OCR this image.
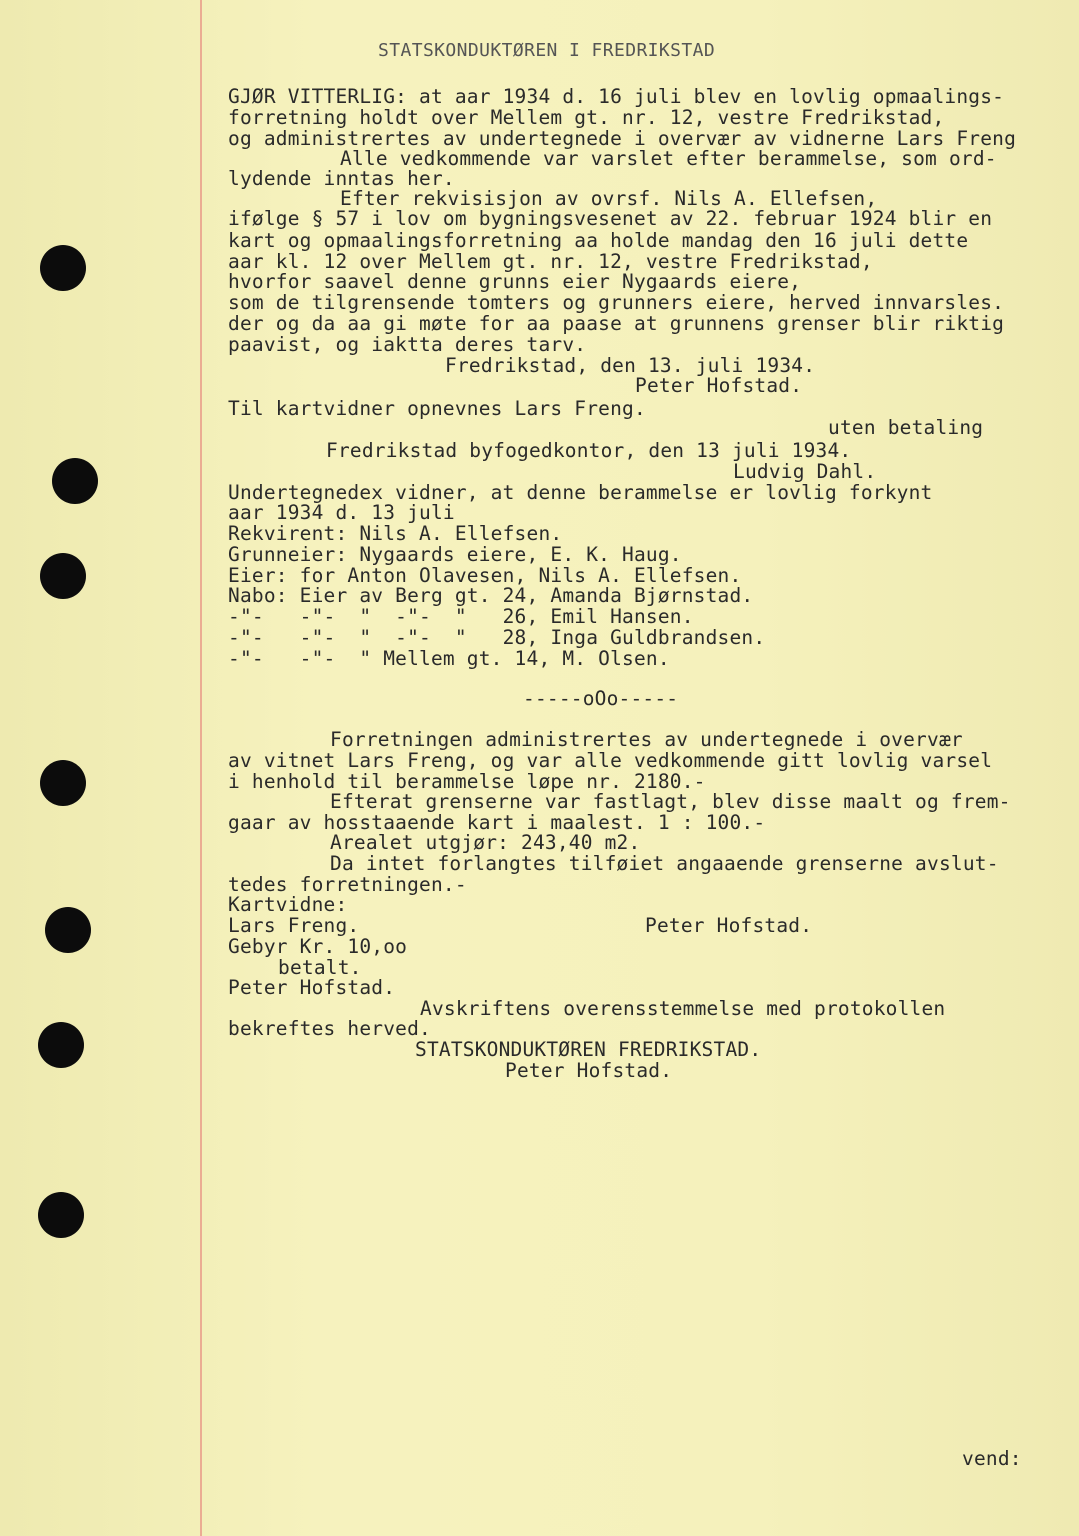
STATSKONDUKTØREN I FREDRIKSTAD
GJØR VITTERLIG: at aar 1934 d. 16 juli blev en lovlig opmaalings-
forretning holdt over Mellem gt. nr. 12, vestre Fredrikstad,
og administrertes av undertegnede i overvær av vidnerne Lars Freng
Alle vedkommende var varslet efter berammelse, som ord-
lydende inntas her.
Efter rekvisisjon av ovrsf. Nils A. Ellefsen,
ifølge § 57 i lov om bygningsvesenet av 22. februar 1924 blir en
kart og opmaalingsforretning aa holde mandag den 16 juli dette
aar kl. 12 over Mellem gt. nr. 12, vestre Fredrikstad,
hvorfor saavel denne grunns eier Nygaards eiere,
som de tilgrensende tomters og grunners eiere, herved innvarsles.
der og da aa gi møte for aa paase at grunnens grenser blir riktig
paavist, og iaktta deres tarv.
Fredrikstad, den 13. juli 1934.
Peter Hofstad.
Til kartvidner opnevnes Lars Freng.
uten betaling
Fredrikstad byfogedkontor, den 13 juli 1934.
Ludvig Dahl.
Undertegnedex vidner, at denne berammelse er lovlig forkynt
aar 1934 d. 13 juli
Rekvirent: Nils A. Ellefsen.
Grunneier: Nygaards eiere, E. K. Haug.
Eier: for Anton Olavesen, Nils A. Ellefsen.
Nabo: Eier av Berg gt. 24, Amanda Bjørnstad.
-"-   -"-  "  -"-  "   26, Emil Hansen.
-"-   -"-  "  -"-  "   28, Inga Guldbrandsen.
-"-   -"-  " Mellem gt. 14, M. Olsen.
-----oOo-----
Forretningen administrertes av undertegnede i overvær
av vitnet Lars Freng, og var alle vedkommende gitt lovlig varsel
i henhold til berammelse løpe nr. 2180.-
Efterat grenserne var fastlagt, blev disse maalt og frem-
gaar av hosstaaende kart i maalest. 1 : 100.-
Arealet utgjør: 243,40 m2.
Da intet forlangtes tilføiet angaaende grenserne avslut-
tedes forretningen.-
Kartvidne:
Lars Freng.	Peter Hofstad.
Gebyr Kr. 10,oo
betalt.
Peter Hofstad.
Avskriftens overensstemmelse med protokollen
bekreftes herved.
STATSKONDUKTØREN FREDRIKSTAD.
Peter Hofstad.
vend:
